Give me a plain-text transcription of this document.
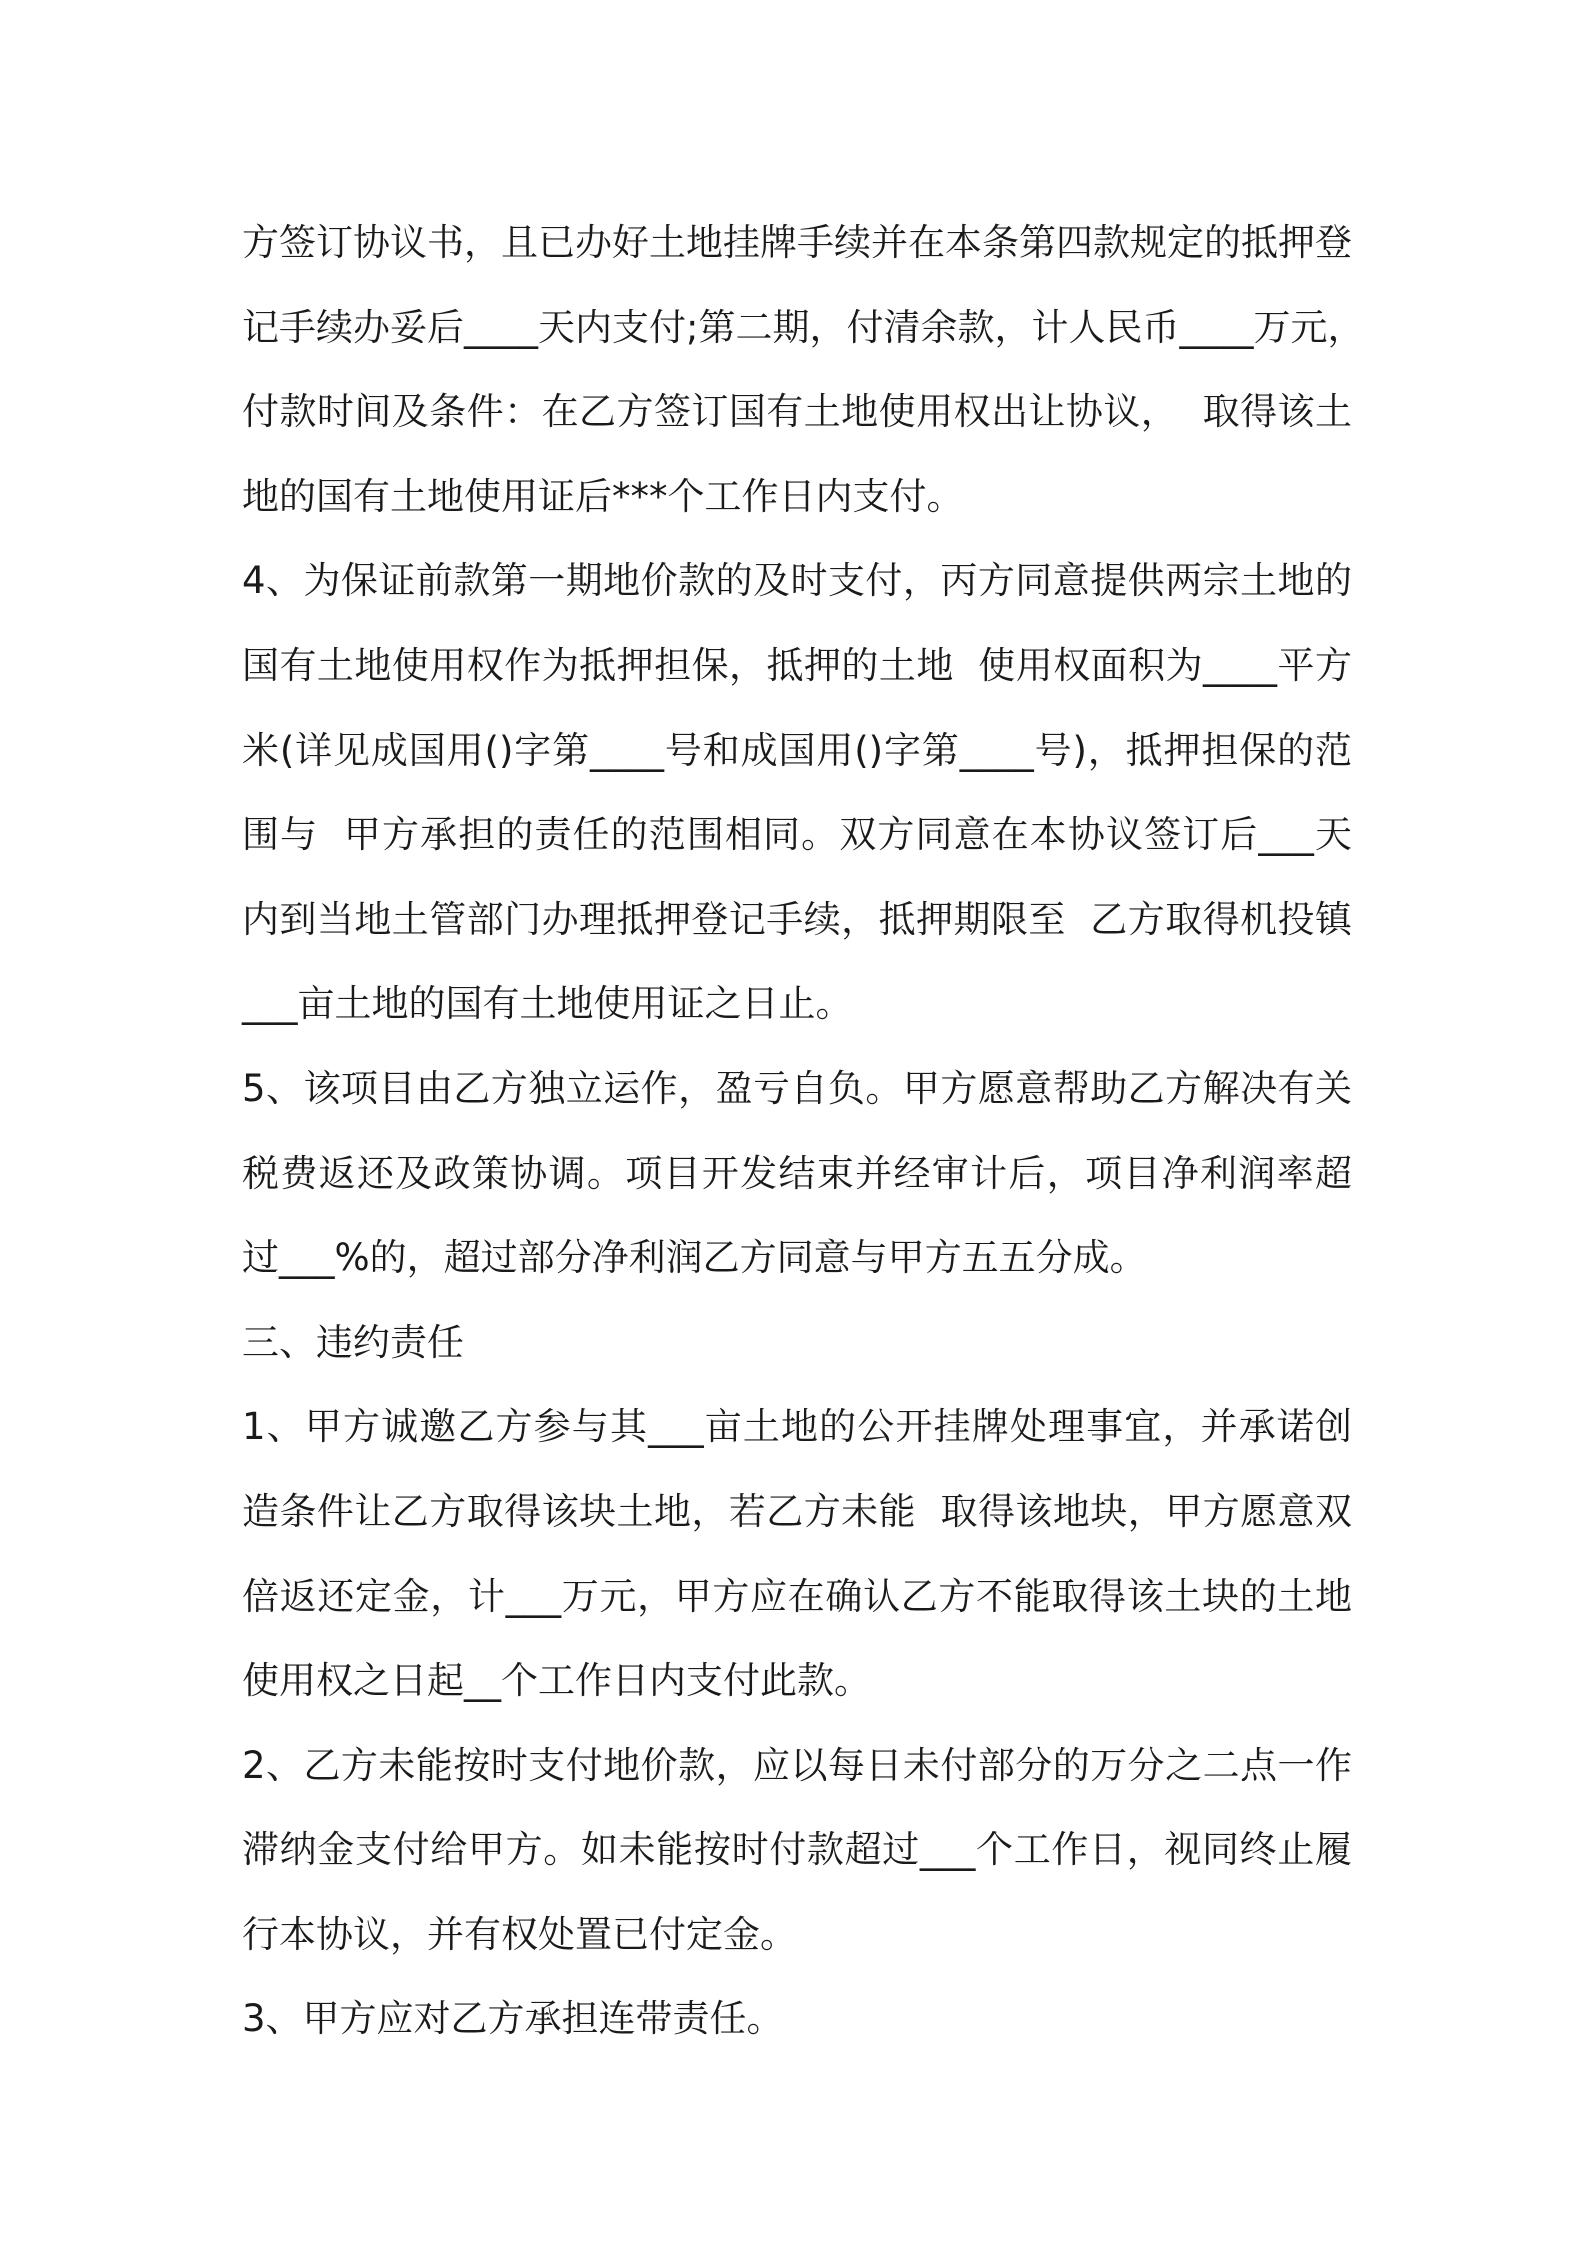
方签订协议书，且已办好土地挂牌手续并在本条第四款规定的抵押登
记手续办妥后____天内支付;第二期，付清余款，计人民币____万元，
付款时间及条件：在乙方签订国有土地使用权出让协议，  取得该土
地的国有土地使用证后***个工作日内支付。
4、为保证前款第一期地价款的及时支付，丙方同意提供两宗土地的
国有土地使用权作为抵押担保，抵押的土地  使用权面积为____平方
米(详见成国用()字第____号和成国用()字第____号)，抵押担保的范
围与  甲方承担的责任的范围相同。双方同意在本协议签订后___天
内到当地土管部门办理抵押登记手续，抵押期限至  乙方取得机投镇
___亩土地的国有土地使用证之日止。
5、该项目由乙方独立运作，盈亏自负。甲方愿意帮助乙方解决有关
税费返还及政策协调。项目开发结束并经审计后，项目净利润率超
过___%的，超过部分净利润乙方同意与甲方五五分成。
三、违约责任
1、甲方诚邀乙方参与其___亩土地的公开挂牌处理事宜，并承诺创
造条件让乙方取得该块土地，若乙方未能  取得该地块，甲方愿意双
倍返还定金，计___万元，甲方应在确认乙方不能取得该土块的土地
使用权之日起__个工作日内支付此款。
2、乙方未能按时支付地价款，应以每日未付部分的万分之二点一作
滞纳金支付给甲方。如未能按时付款超过___个工作日，视同终止履
行本协议，并有权处置已付定金。
3、甲方应对乙方承担连带责任。
